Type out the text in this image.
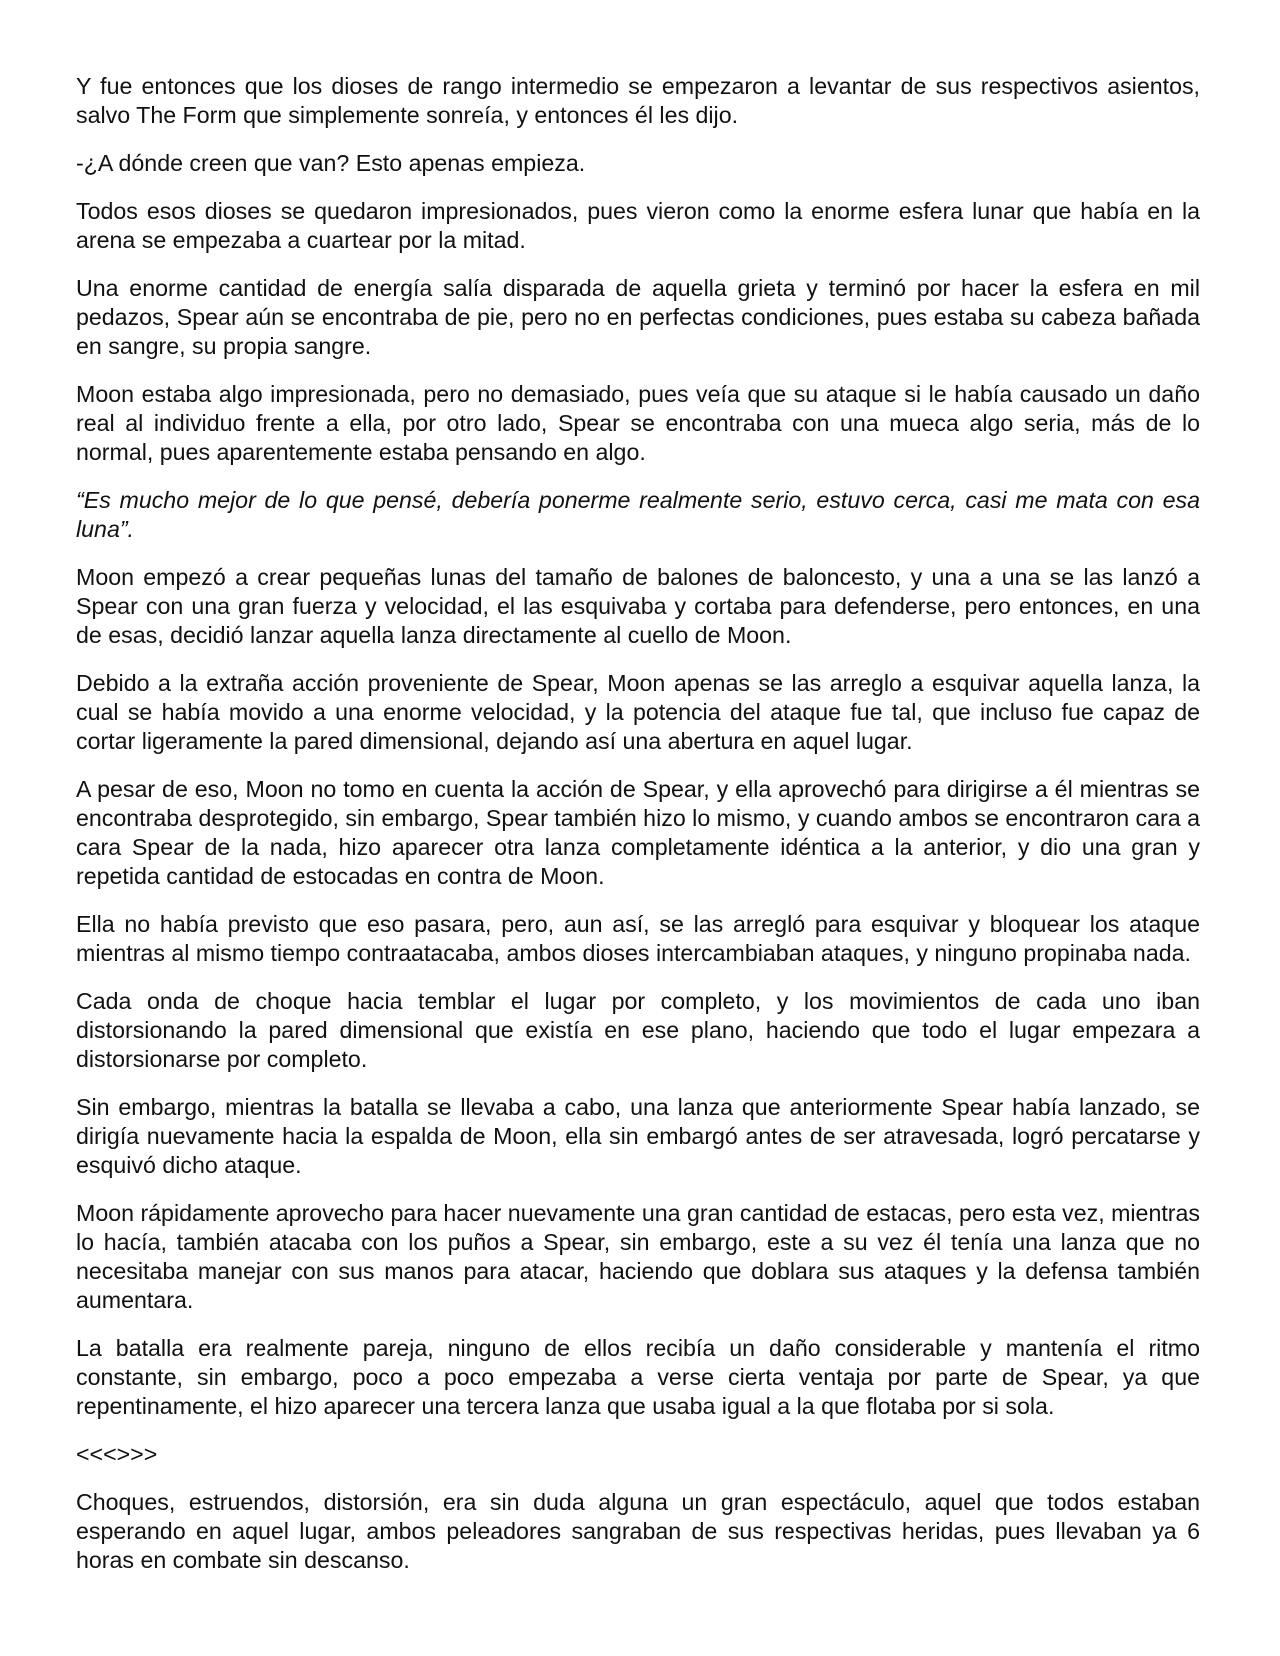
Y fue entonces que los dioses de rango intermedio se empezaron a levantar de sus respectivos asientos, salvo The Form que simplemente sonreía, y entonces él les dijo.

-¿A dónde creen que van? Esto apenas empieza.

Todos esos dioses se quedaron impresionados, pues vieron como la enorme esfera lunar que había en la arena se empezaba a cuartear por la mitad.

Una enorme cantidad de energía salía disparada de aquella grieta y terminó por hacer la esfera en mil pedazos, Spear aún se encontraba de pie, pero no en perfectas condiciones, pues estaba su cabeza bañada en sangre, su propia sangre.

Moon estaba algo impresionada, pero no demasiado, pues veía que su ataque si le había causado un daño real al individuo frente a ella, por otro lado, Spear se encontraba con una mueca algo seria, más de lo normal, pues aparentemente estaba pensando en algo.

“Es mucho mejor de lo que pensé, debería ponerme realmente serio, estuvo cerca, casi me mata con esa luna”.

Moon empezó a crear pequeñas lunas del tamaño de balones de baloncesto, y una a una se las lanzó a Spear con una gran fuerza y velocidad, el las esquivaba y cortaba para defenderse, pero entonces, en una de esas, decidió lanzar aquella lanza directamente al cuello de Moon.

Debido a la extraña acción proveniente de Spear, Moon apenas se las arreglo a esquivar aquella lanza, la cual se había movido a una enorme velocidad, y la potencia del ataque fue tal, que incluso fue capaz de cortar ligeramente la pared dimensional, dejando así una abertura en aquel lugar.

A pesar de eso, Moon no tomo en cuenta la acción de Spear, y ella aprovechó para dirigirse a él mientras se encontraba desprotegido, sin embargo, Spear también hizo lo mismo, y cuando ambos se encontraron cara a cara Spear de la nada, hizo aparecer otra lanza completamente idéntica a la anterior, y dio una gran y repetida cantidad de estocadas en contra de Moon.

Ella no había previsto que eso pasara, pero, aun así, se las arregló para esquivar y bloquear los ataque mientras al mismo tiempo contraatacaba, ambos dioses intercambiaban ataques, y ninguno propinaba nada.

Cada onda de choque hacia temblar el lugar por completo, y los movimientos de cada uno iban distorsionando la pared dimensional que existía en ese plano, haciendo que todo el lugar empezara a distorsionarse por completo.

Sin embargo, mientras la batalla se llevaba a cabo, una lanza que anteriormente Spear había lanzado, se dirigía nuevamente hacia la espalda de Moon, ella sin embargó antes de ser atravesada, logró percatarse y esquivó dicho ataque.

Moon rápidamente aprovecho para hacer nuevamente una gran cantidad de estacas, pero esta vez, mientras lo hacía, también atacaba con los puños a Spear, sin embargo, este a su vez él tenía una lanza que no necesitaba manejar con sus manos para atacar, haciendo que doblara sus ataques y la defensa también aumentara.

La batalla era realmente pareja, ninguno de ellos recibía un daño considerable y mantenía el ritmo constante, sin embargo, poco a poco empezaba a verse cierta ventaja por parte de Spear, ya que repentinamente, el hizo aparecer una tercera lanza que usaba igual a la que flotaba por si sola.

<<<>>>

Choques, estruendos, distorsión, era sin duda alguna un gran espectáculo, aquel que todos estaban esperando en aquel lugar, ambos peleadores sangraban de sus respectivas heridas, pues llevaban ya 6 horas en combate sin descanso.
